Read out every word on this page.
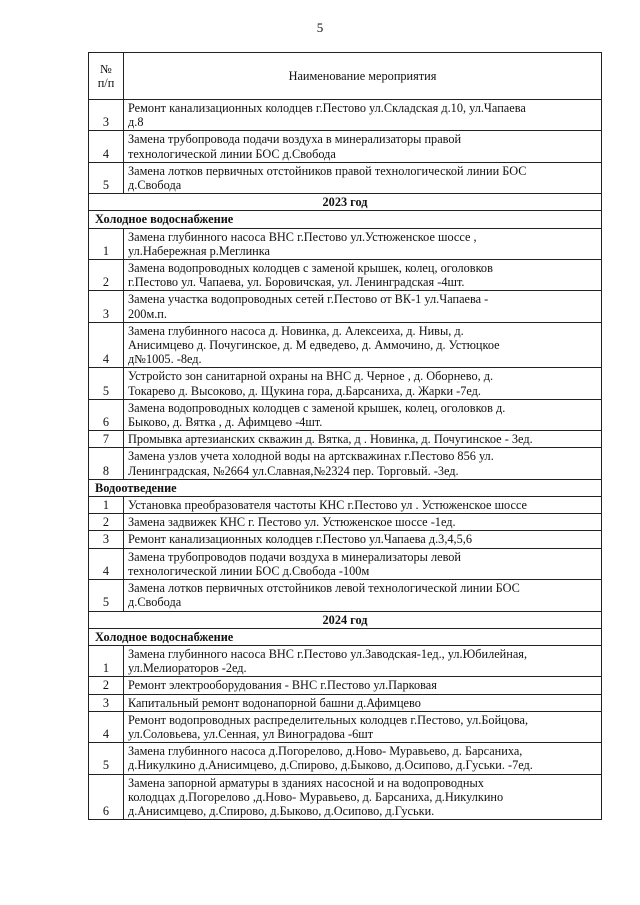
5
№
п/п	Наименование мероприятия
3	Ремонт канализационных колодцев г.Пестово ул.Складская д.10, ул.Чапаева
д.8
4	Замена трубопровода подачи воздуха в минерализаторы правой
технологической линии БОС д.Свобода
5	Замена лотков первичных отстойников правой технологической линии БОС
д.Свобода
2023 год	
Холодное водоснабжение	
1	Замена глубинного насоса ВНС г.Пестово ул.Устюженское шоссе ,
ул.Набережная р.Меглинка
2	Замена водопроводных колодцев с заменой крышек, колец, оголовков
г.Пестово ул. Чапаева, ул. Боровичская, ул. Ленинградская -4шт.
3	Замена участка водопроводных сетей г.Пестово от ВК-1 ул.Чапаева -
200м.п.
4	Замена глубинного насоса д. Новинка, д. Алексеиха, д. Нивы, д.
Анисимцево д. Почугинское, д. М едведево, д. Аммочино, д. Устюцкое
д№1005. -8ед.
5	Устройсто зон санитарной охраны на ВНС д. Черное , д. Оборнево, д.
Токарево д. Высоково, д. Щукина гора, д.Барсаниха, д. Жарки -7ед.
6	Замена водопроводных колодцев с заменой крышек, колец, оголовков д.
Быково, д. Вятка , д. Афимцево -4шт.
7	Промывка артезианских скважин д. Вятка, д . Новинка, д. Почугинское - 3ед.
8	Замена узлов учета холодной воды на артскважинах г.Пестово 856 ул.
Ленинградская, №2664 ул.Славная,№2324 пер. Торговый. -3ед.
Водоотведение	
1	Установка преобразователя частоты КНС г.Пестово ул . Устюженское шоссе
2	Замена задвижек КНС г. Пестово ул. Устюженское шоссе -1ед.
3	Ремонт канализационных колодцев г.Пестово ул.Чапаева д.3,4,5,6
4	Замена трубопроводов подачи воздуха в минерализаторы левой
технологической линии БОС д.Свобода -100м
5	Замена лотков первичных отстойников левой технологической линии БОС
д.Свобода
2024 год	
Холодное водоснабжение	
1	Замена глубинного насоса ВНС г.Пестово ул.Заводская-1ед., ул.Юбилейная,
ул.Мелиораторов -2ед.
2	Ремонт электрооборудования - ВНС г.Пестово ул.Парковая
3	Капитальный ремонт водонапорной башни д.Афимцево
4	Ремонт водопроводных распределительных колодцев г.Пестово, ул.Бойцова,
ул.Соловьева, ул.Сенная, ул Виноградова -6шт
5	Замена глубинного насоса д.Погорелово, д.Ново- Муравьево, д. Барсаниха,
д.Никулкино д.Анисимцево, д.Спирово, д.Быково, д.Осипово, д.Гуськи. -7ед.
6	Замена запорной арматуры в зданиях насосной и на водопроводных
колодцах д.Погорелово ,д.Ново- Муравьево, д. Барсаниха, д.Никулкино
д.Анисимцево, д.Спирово, д.Быково, д.Осипово, д.Гуськи.
